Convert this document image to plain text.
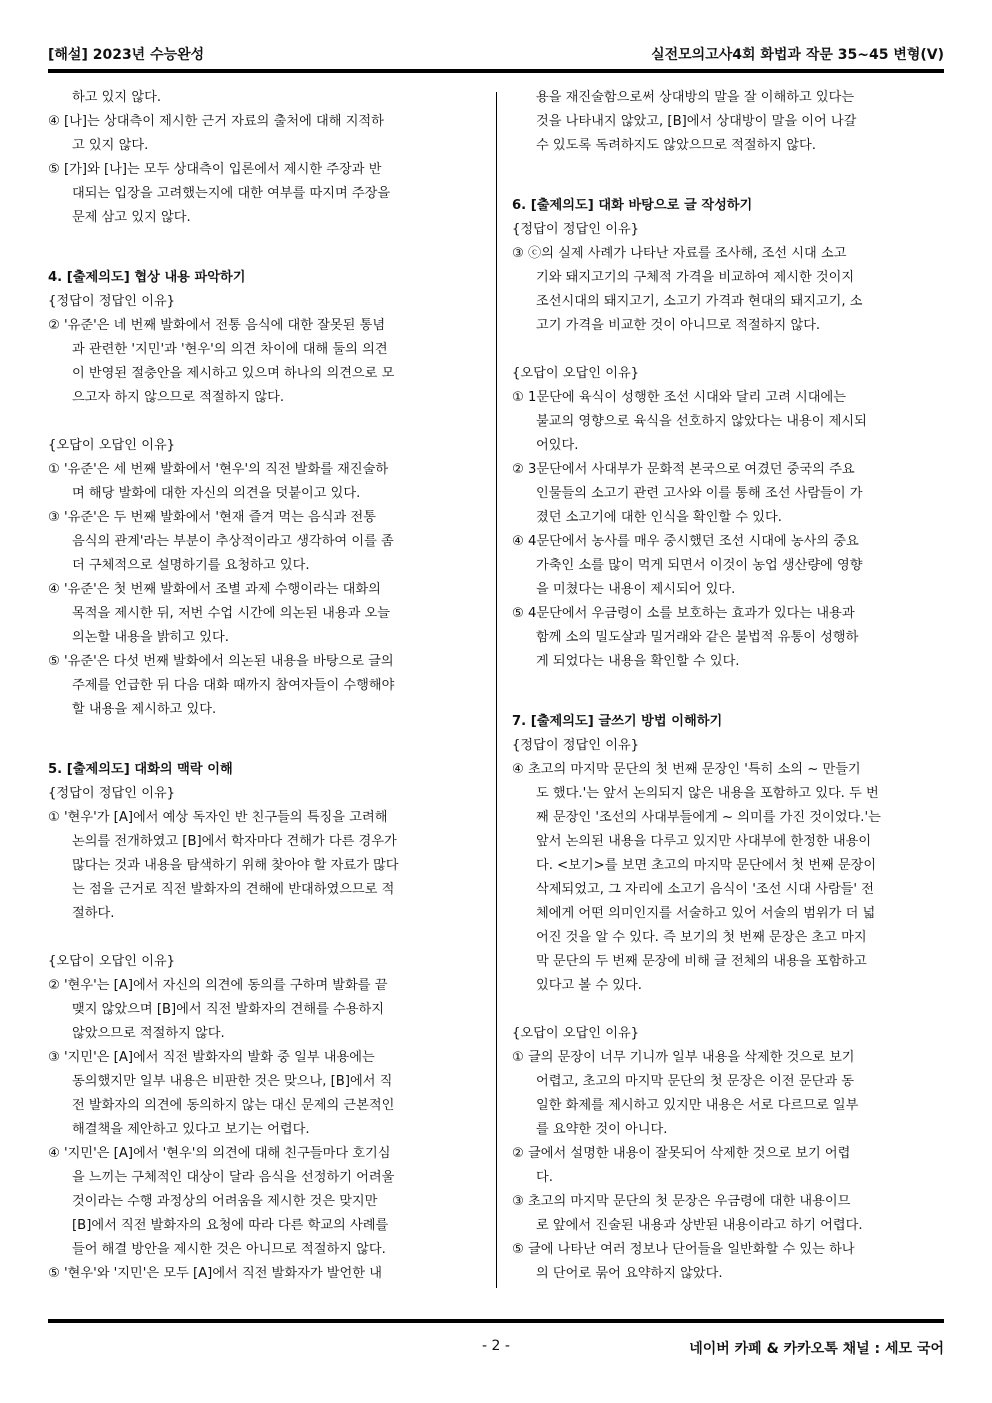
[해설] 2023년 수능완성	실전모의고사4회 화법과 작문 35~45 변형(V)
하고 있지 않다.
④ [나]는 상대측이 제시한 근거 자료의 출처에 대해 지적하
고 있지 않다.
⑤ [가]와 [나]는 모두 상대측이 입론에서 제시한 주장과 반
대되는 입장을 고려했는지에 대한 여부를 따지며 주장을
문제 삼고 있지 않다.
4. [출제의도] 협상 내용 파악하기
{정답이 정답인 이유}
② '유준'은 네 번째 발화에서 전통 음식에 대한 잘못된 통념
과 관련한 '지민'과 '현우'의 의견 차이에 대해 둘의 의견
이 반영된 절충안을 제시하고 있으며 하나의 의견으로 모
으고자 하지 않으므로 적절하지 않다.
{오답이 오답인 이유}
① '유준'은 세 번째 발화에서 '현우'의 직전 발화를 재진술하
며 해당 발화에 대한 자신의 의견을 덧붙이고 있다.
③ '유준'은 두 번째 발화에서 '현재 즐겨 먹는 음식과 전통
음식의 관계'라는 부분이 추상적이라고 생각하여 이를 좀
더 구체적으로 설명하기를 요청하고 있다.
④ '유준'은 첫 번째 발화에서 조별 과제 수행이라는 대화의
목적을 제시한 뒤, 저번 수업 시간에 의논된 내용과 오늘
의논할 내용을 밝히고 있다.
⑤ '유준'은 다섯 번째 발화에서 의논된 내용을 바탕으로 글의
주제를 언급한 뒤 다음 대화 때까지 참여자들이 수행해야
할 내용을 제시하고 있다.
5. [출제의도] 대화의 맥락 이해
{정답이 정답인 이유}
① '현우'가 [A]에서 예상 독자인 반 친구들의 특징을 고려해
논의를 전개하였고 [B]에서 학자마다 견해가 다른 경우가
많다는 것과 내용을 탐색하기 위해 찾아야 할 자료가 많다
는 점을 근거로 직전 발화자의 견해에 반대하였으므로 적
절하다.
{오답이 오답인 이유}
② '현우'는 [A]에서 자신의 의견에 동의를 구하며 발화를 끝
맺지 않았으며 [B]에서 직전 발화자의 견해를 수용하지
않았으므로 적절하지 않다.
③ '지민'은 [A]에서 직전 발화자의 발화 중 일부 내용에는
동의했지만 일부 내용은 비판한 것은 맞으나, [B]에서 직
전 발화자의 의견에 동의하지 않는 대신 문제의 근본적인
해결책을 제안하고 있다고 보기는 어렵다.
④ '지민'은 [A]에서 '현우'의 의견에 대해 친구들마다 호기심
을 느끼는 구체적인 대상이 달라 음식을 선정하기 어려울
것이라는 수행 과정상의 어려움을 제시한 것은 맞지만
[B]에서 직전 발화자의 요청에 따라 다른 학교의 사례를
들어 해결 방안을 제시한 것은 아니므로 적절하지 않다.
⑤ '현우'와 '지민'은 모두 [A]에서 직전 발화자가 발언한 내
용을 재진술함으로써 상대방의 말을 잘 이해하고 있다는
것을 나타내지 않았고, [B]에서 상대방이 말을 이어 나갈
수 있도록 독려하지도 않았으므로 적절하지 않다.
6. [출제의도] 대화 바탕으로 글 작성하기
{정답이 정답인 이유}
③ ⓒ의 실제 사례가 나타난 자료를 조사해, 조선 시대 소고
기와 돼지고기의 구체적 가격을 비교하여 제시한 것이지
조선시대의 돼지고기, 소고기 가격과 현대의 돼지고기, 소
고기 가격을 비교한 것이 아니므로 적절하지 않다.
{오답이 오답인 이유}
① 1문단에 육식이 성행한 조선 시대와 달리 고려 시대에는
불교의 영향으로 육식을 선호하지 않았다는 내용이 제시되
어있다.
② 3문단에서 사대부가 문화적 본국으로 여겼던 중국의 주요
인물들의 소고기 관련 고사와 이를 통해 조선 사람들이 가
졌던 소고기에 대한 인식을 확인할 수 있다.
④ 4문단에서 농사를 매우 중시했던 조선 시대에 농사의 중요
가축인 소를 많이 먹게 되면서 이것이 농업 생산량에 영향
을 미쳤다는 내용이 제시되어 있다.
⑤ 4문단에서 우금령이 소를 보호하는 효과가 있다는 내용과
함께 소의 밀도살과 밀거래와 같은 불법적 유통이 성행하
게 되었다는 내용을 확인할 수 있다.
7. [출제의도] 글쓰기 방법 이해하기
{정답이 정답인 이유}
④ 초고의 마지막 문단의 첫 번째 문장인 '특히 소의 ~ 만들기
도 했다.'는 앞서 논의되지 않은 내용을 포함하고 있다. 두 번
째 문장인 '조선의 사대부들에게 ~ 의미를 가진 것이었다.'는
앞서 논의된 내용을 다루고 있지만 사대부에 한정한 내용이
다. <보기>를 보면 초고의 마지막 문단에서 첫 번째 문장이
삭제되었고, 그 자리에 소고기 음식이 '조선 시대 사람들' 전
체에게 어떤 의미인지를 서술하고 있어 서술의 범위가 더 넓
어진 것을 알 수 있다. 즉 보기의 첫 번째 문장은 초고 마지
막 문단의 두 번째 문장에 비해 글 전체의 내용을 포함하고
있다고 볼 수 있다.
{오답이 오답인 이유}
① 글의 문장이 너무 기니까 일부 내용을 삭제한 것으로 보기
어렵고, 초고의 마지막 문단의 첫 문장은 이전 문단과 동
일한 화제를 제시하고 있지만 내용은 서로 다르므로 일부
를 요약한 것이 아니다.
② 글에서 설명한 내용이 잘못되어 삭제한 것으로 보기 어렵
다.
③ 초고의 마지막 문단의 첫 문장은 우금령에 대한 내용이므
로 앞에서 진술된 내용과 상반된 내용이라고 하기 어렵다.
⑤ 글에 나타난 여러 정보나 단어들을 일반화할 수 있는 하나
의 단어로 묶어 요약하지 않았다.
- 2 -	네이버 카페 & 카카오톡 채널 : 세모 국어
